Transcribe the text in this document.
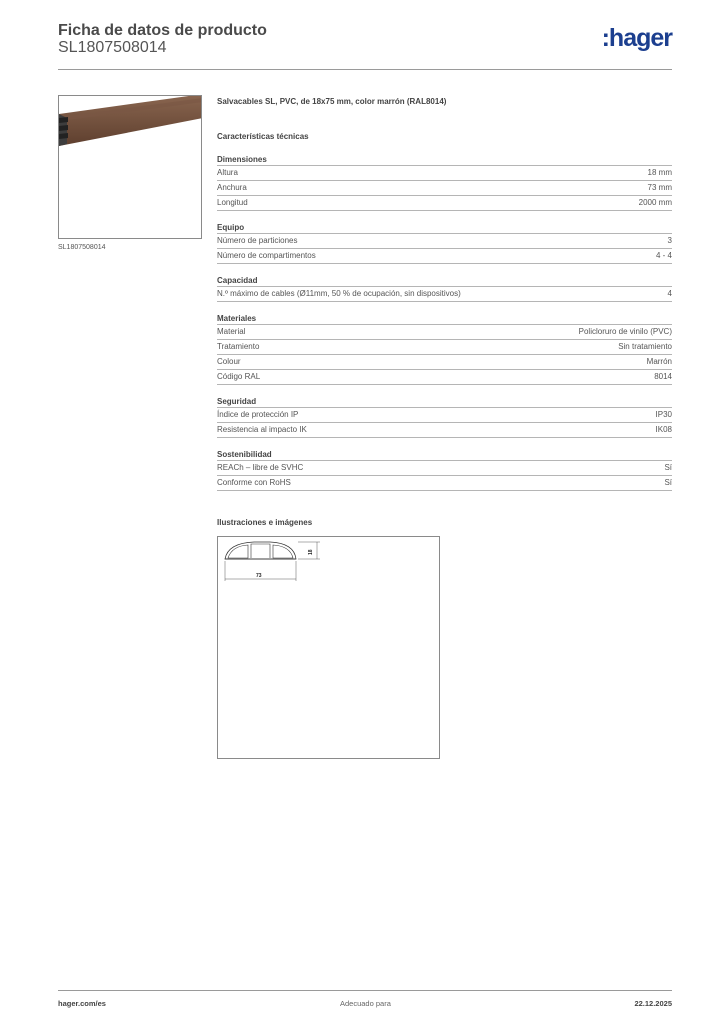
Ficha de datos de producto
SL1807508014	:hager
SL1807508014
Salvacables SL, PVC, de 18x75 mm, color marrón (RAL8014)
Características técnicas
Dimensiones
Altura	18 mm
Anchura	73 mm
Longitud	2000 mm
Equipo
Número de particiones	3
Número de compartimentos	4 - 4
Capacidad
N.º máximo de cables (Ø11mm, 50 % de ocupación, sin dispositivos)	4
Materiales
Material	Policloruro de vinilo (PVC)
Tratamiento	Sin tratamiento
Colour	Marrón
Código RAL	8014
Seguridad
Índice de protección IP	IP30
Resistencia al impacto IK	IK08
Sostenibilidad
REACh – libre de SVHC	Sí
Conforme con RoHS	Sí
Ilustraciones e imágenes
18
73
hager.com/es	Adecuado para	22.12.2025
